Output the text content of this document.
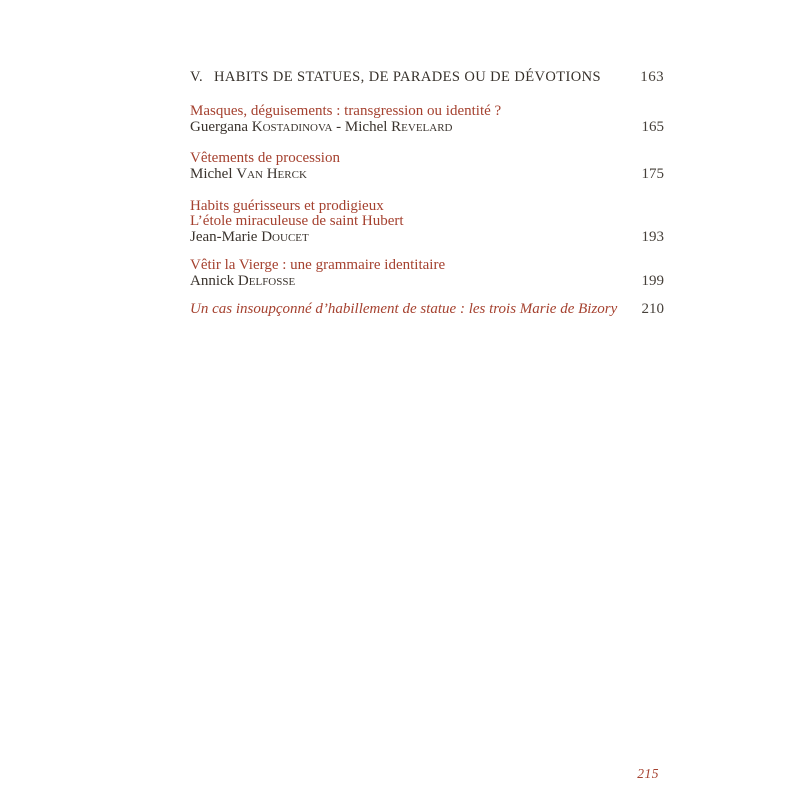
V. HABITS DE STATUES, DE PARADES OU DE DÉVOTIONS	163
Masques, déguisements : transgression ou identité ?
Guergana Kostadinova - Michel Revelard	165
Vêtements de procession
Michel Van Herck	175
Habits guérisseurs et prodigieux
L’étole miraculeuse de saint Hubert
Jean-Marie Doucet	193
Vêtir la Vierge : une grammaire identitaire
Annick Delfosse	199
Un cas insoupçonné d’habillement de statue : les trois Marie de Bizory 210
215
